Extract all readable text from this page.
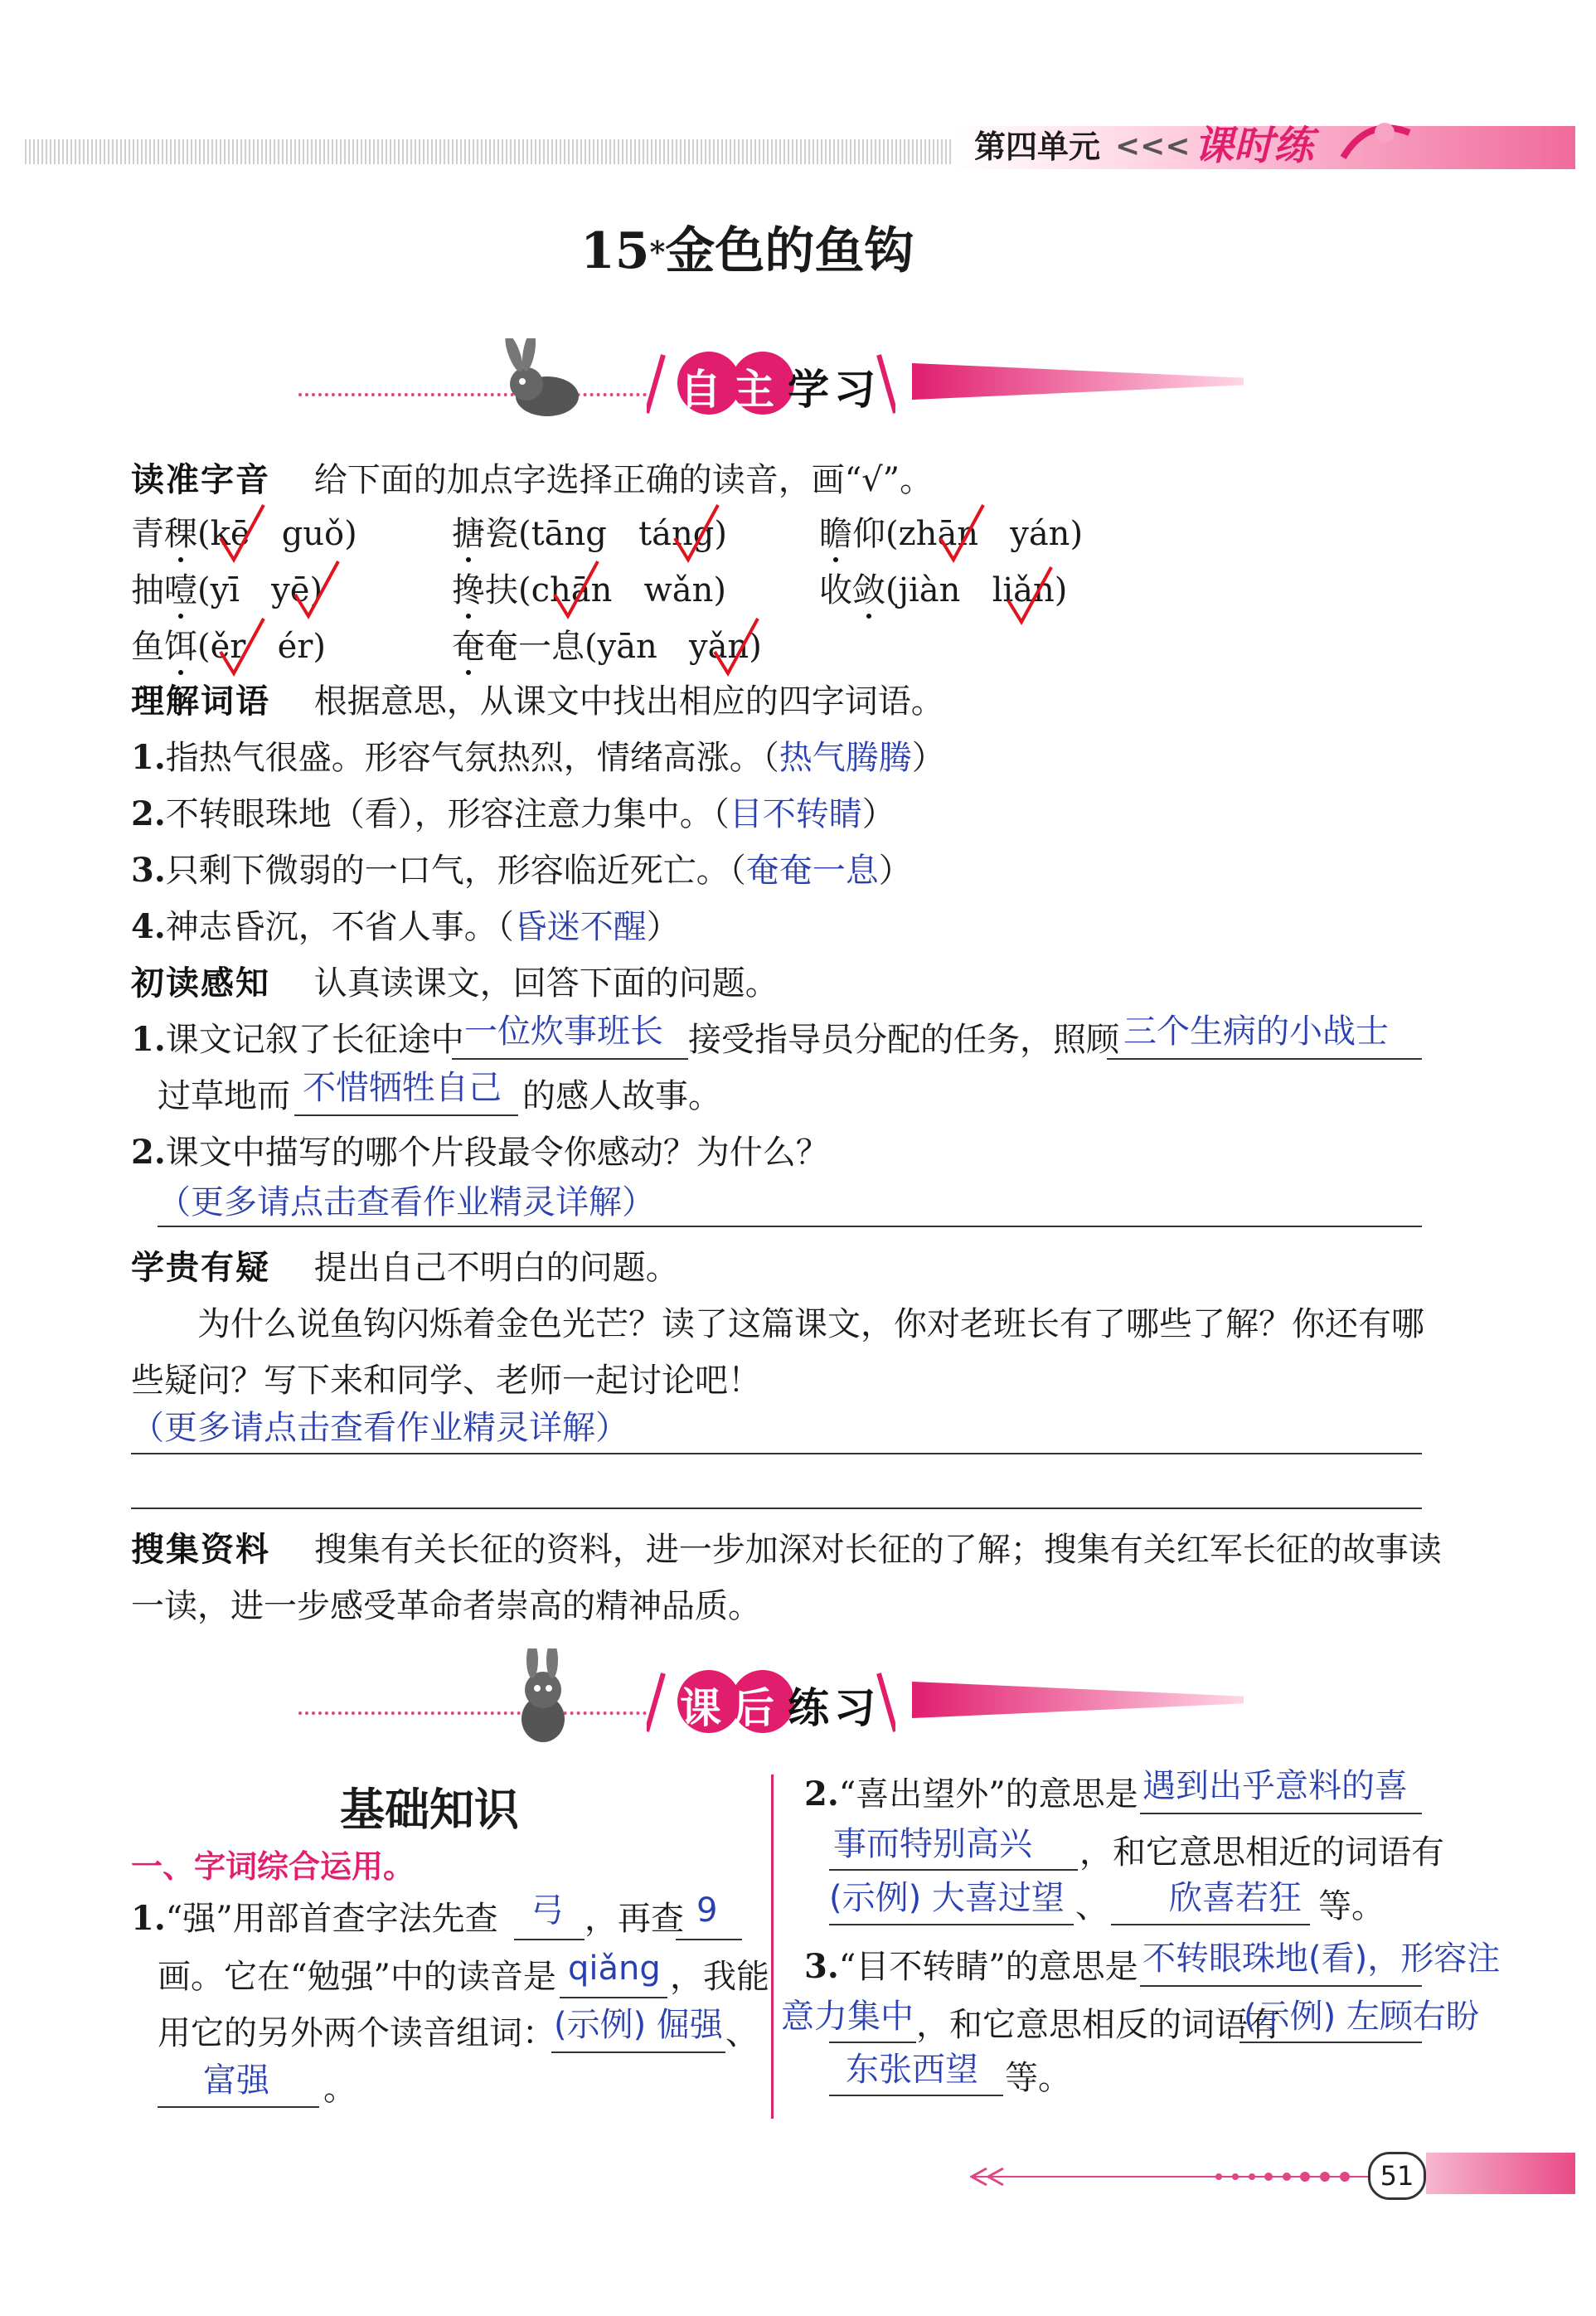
第四单元 <<< 课时练
15*金色的鱼钩
自主 学习
读准字音 给下面的加点字选择正确的读音，画“√”。
青稞(kē guǒ)	搪瓷(tāng táng)	瞻仰(zhān yán)
抽噎(yī yē)	搀扶(chān wǎn)	收敛(jiàn liǎn)
鱼饵(ěr ér)	奄奄一息(yān yǎn)
理解词语 根据意思，从课文中找出相应的四字词语。
1.指热气很盛。形容气氛热烈，情绪高涨。（热气腾腾）
2.不转眼珠地（看），形容注意力集中。（目不转睛）
3.只剩下微弱的一口气，形容临近死亡。（奄奄一息）
4.神志昏沉，不省人事。（昏迷不醒）
初读感知 认真读课文，回答下面的问题。
1.课文记叙了长征途中 一位炊事班长 接受指导员分配的任务，照顾 三个生病的小战士
过草地而 不惜牺牲自己 的感人故事。
2.课文中描写的哪个片段最令你感动？为什么？
（更多请点击查看作业精灵详解）
学贵有疑 提出自己不明白的问题。
为什么说鱼钩闪烁着金色光芒？读了这篇课文，你对老班长有了哪些了解？你还有哪
些疑问？写下来和同学、老师一起讨论吧！
（更多请点击查看作业精灵详解）
搜集资料 搜集有关长征的资料，进一步加深对长征的了解；搜集有关红军长征的故事读
一读，进一步感受革命者崇高的精神品质。
课后 练习
基础知识
一、字词综合运用。
1.“强”用部首查字法先查 弓 ，再查 9
画。它在“勉强”中的读音是 qiǎng ，我能
用它的另外两个读音组词：
(示例) 倔强 、
富强 。
2.“喜出望外”的意思是 遇到出乎意料的喜
事而特别高兴 ，和它意思相近的词语有
(示例) 大喜过望 、 欣喜若狂 等。
3.“目不转睛”的意思是 不转眼珠地(看)，形容注
意力集中 ，和它意思相反的词语有
(示例) 左顾右盼
东张西望 等。
51
